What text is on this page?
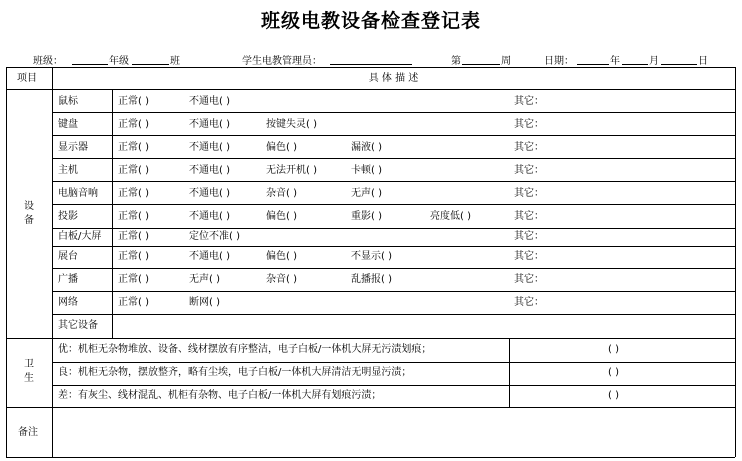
班级电教设备检查登记表
班级：	年级	班	学生电教管理员：	第	周	日期：	年	月	日
项目	具 体 描 述
设
备
鼠标	正常( )	不通电( )	其它：
键盘	正常( )	不通电( )	按键失灵( )	其它：
显示器	正常( )	不通电( )	偏色( )	漏液( )	其它：
主机	正常( )	不通电( )	无法开机( )	卡顿( )	其它：
电脑音响 正常( )	不通电( )	杂音( )	无声( )	其它：
投影	正常( )	不通电( )	偏色( )	重影( )	亮度低( )	其它：
白板/大屏 正常( )	定位不准( )	其它：
展台	正常( )	不通电( )	偏色( )	不显示( )	其它：
广播	正常( )	无声( )	杂音( )	乱播报( )	其它：
网络	正常( )	断网( )	其它：
其它设备
卫
生
优：机柜无杂物堆放、设备、线材摆放有序整洁，电子白板/一体机大屏无污渍划痕；	( )
良：机柜无杂物，摆放整齐，略有尘埃，电子白板/一体机大屏清洁无明显污渍；	( )
差：有灰尘、线材混乱、机柜有杂物、电子白板/一体机大屏有划痕污渍；	( )
备注
